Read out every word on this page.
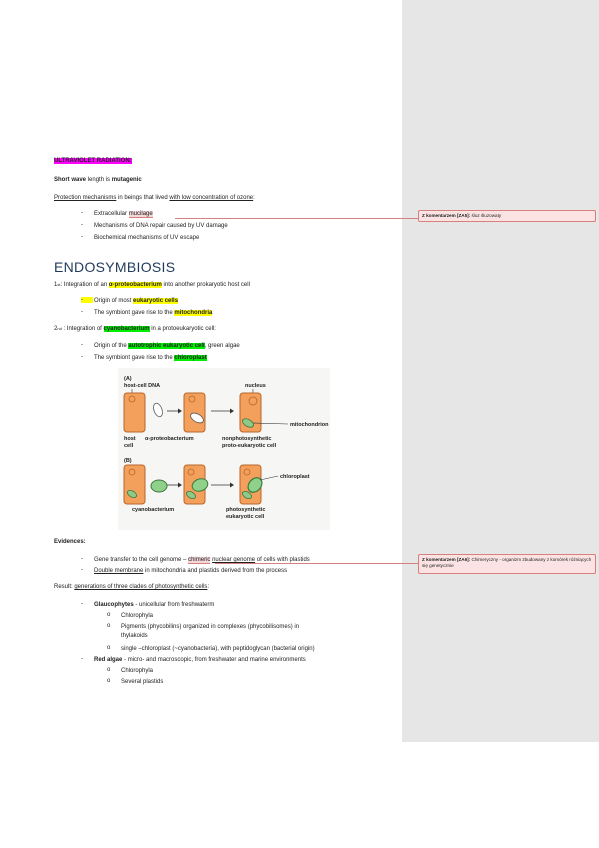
ULTRAVIOLET RADIATION:
Short wave length is mutagenic
Protection mechanisms in beings that lived with low concentration of ozone:
- Extracellular mucilage
- Mechanisms of DNA repair caused by UV damage
- Biochemical mechanisms of UV escape
Z komentarzem [ZA5]: śluz śluzowaty
ENDOSYMBIOSIS
1st: Integration of an α-proteobacterium into another prokaryotic host cell
-	Origin of most eukaryotic cells
- The symbiont gave rise to the mitochondria
2nd : Integration of cyanobacterium in a protoeukaryotic cell:
- Origin of the autotrophic eukaryotic cell, green algae
- The symbiont gave rise to the chloroplast
(A)
host-cell DNA	nucleus
mitochondrion
host
cell
α-proteobacterium	nonphotosynthetic
proto-eukaryotic cell
(B)
chloroplast
cyanobacterium	photosynthetic
eukaryotic cell
Evidences:
- Gene transfer to the cell genome – chimeric nuclear genome of cells with plastids
- Double membrane in mitochondria and plastids derived from the process
Z komentarzem [ZA6]: Chimeryczny - organizm zbudowany z komórek różniących się genetycznie
Result: generations of three clades of photosynthetic cells:
- Glaucophytes - unicellular from freshwaterm
o Chlorophyla
o Pigments (phycobilins) organized in complexes (phycobilisomes) in
thylakoids
o single –chloroplast (~cyanobacteria), with peptidoglycan (bacterial origin)
- Red algae - micro- and macroscopic, from freshwater and marine environments
o Chlorophyla
o Several plastids
